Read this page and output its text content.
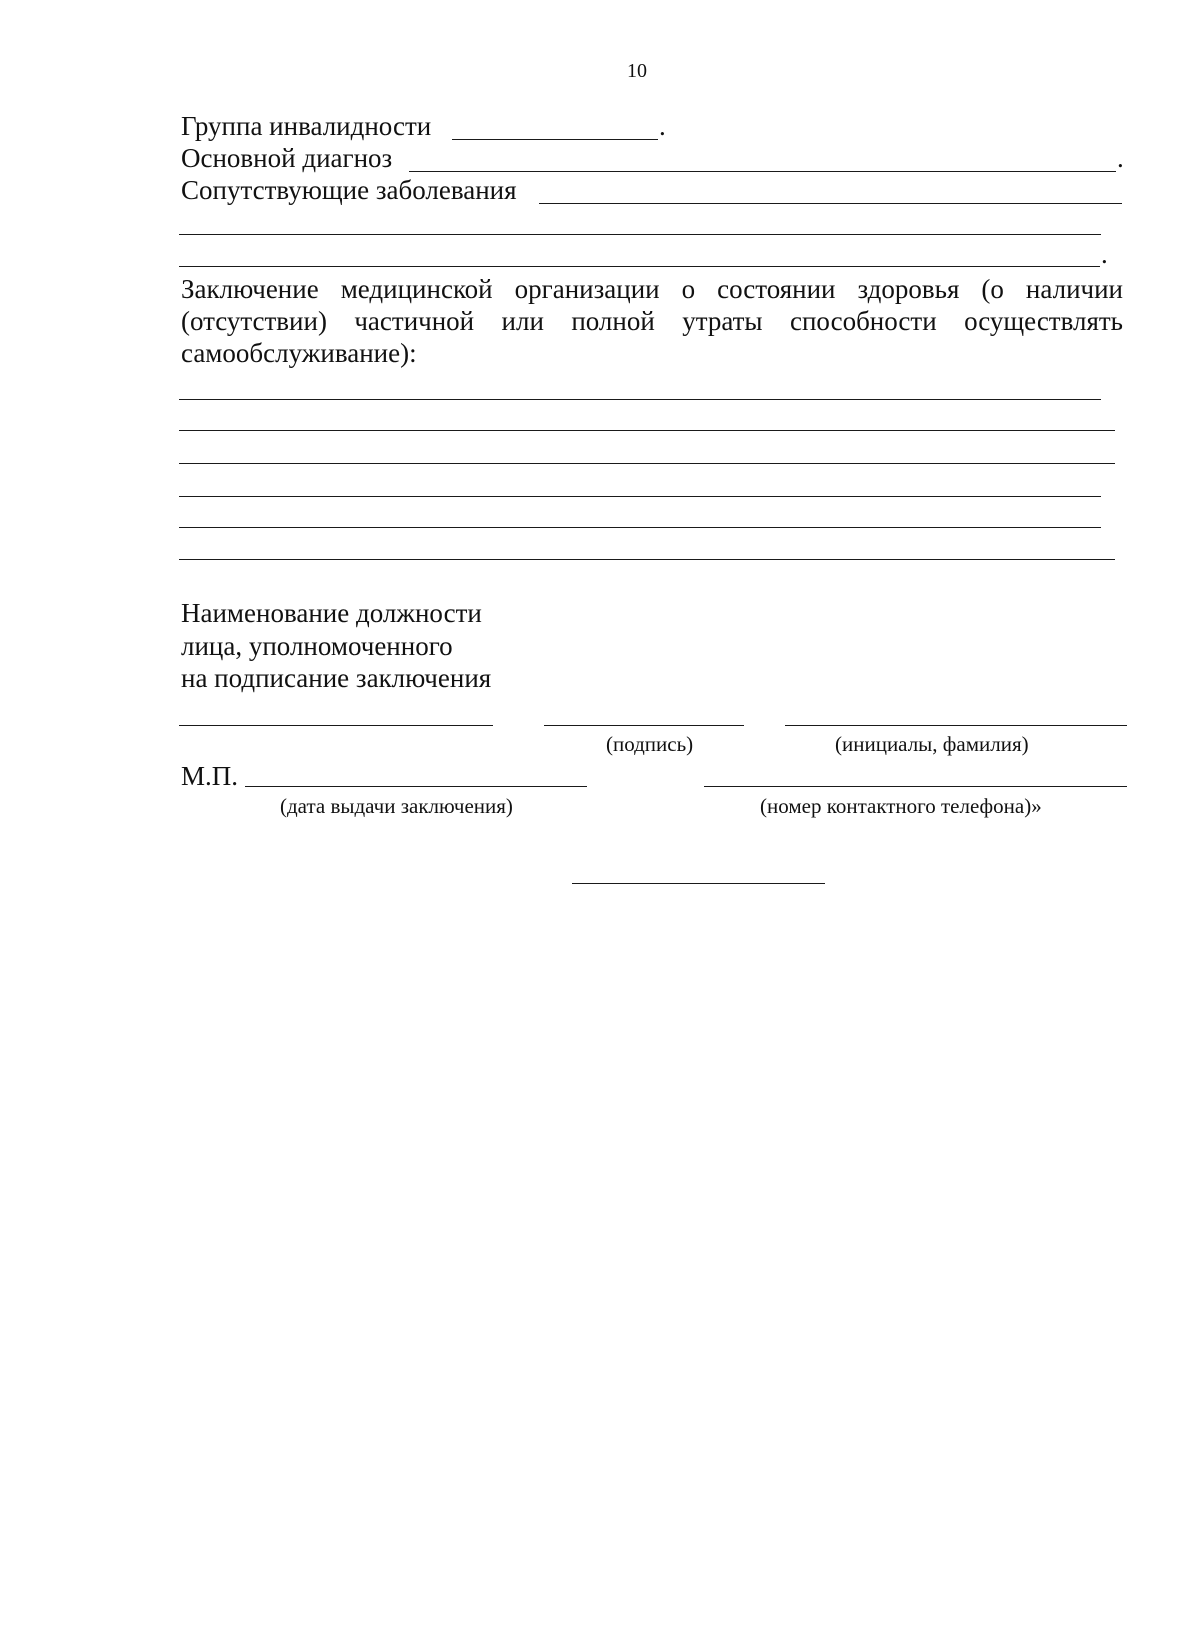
10
Группа инвалидности	.
Основной диагноз	.
Сопутствующие заболевания
.
Заключение медицинской организации о состоянии здоровья (о наличии
(отсутствии) частичной или полной утраты способности осуществлять
самообслуживание):
Наименование должности
лица, уполномоченного
на подписание заключения
(подпись)	(инициалы, фамилия)
М.П.
(дата выдачи заключения)	(номер контактного телефона)»
